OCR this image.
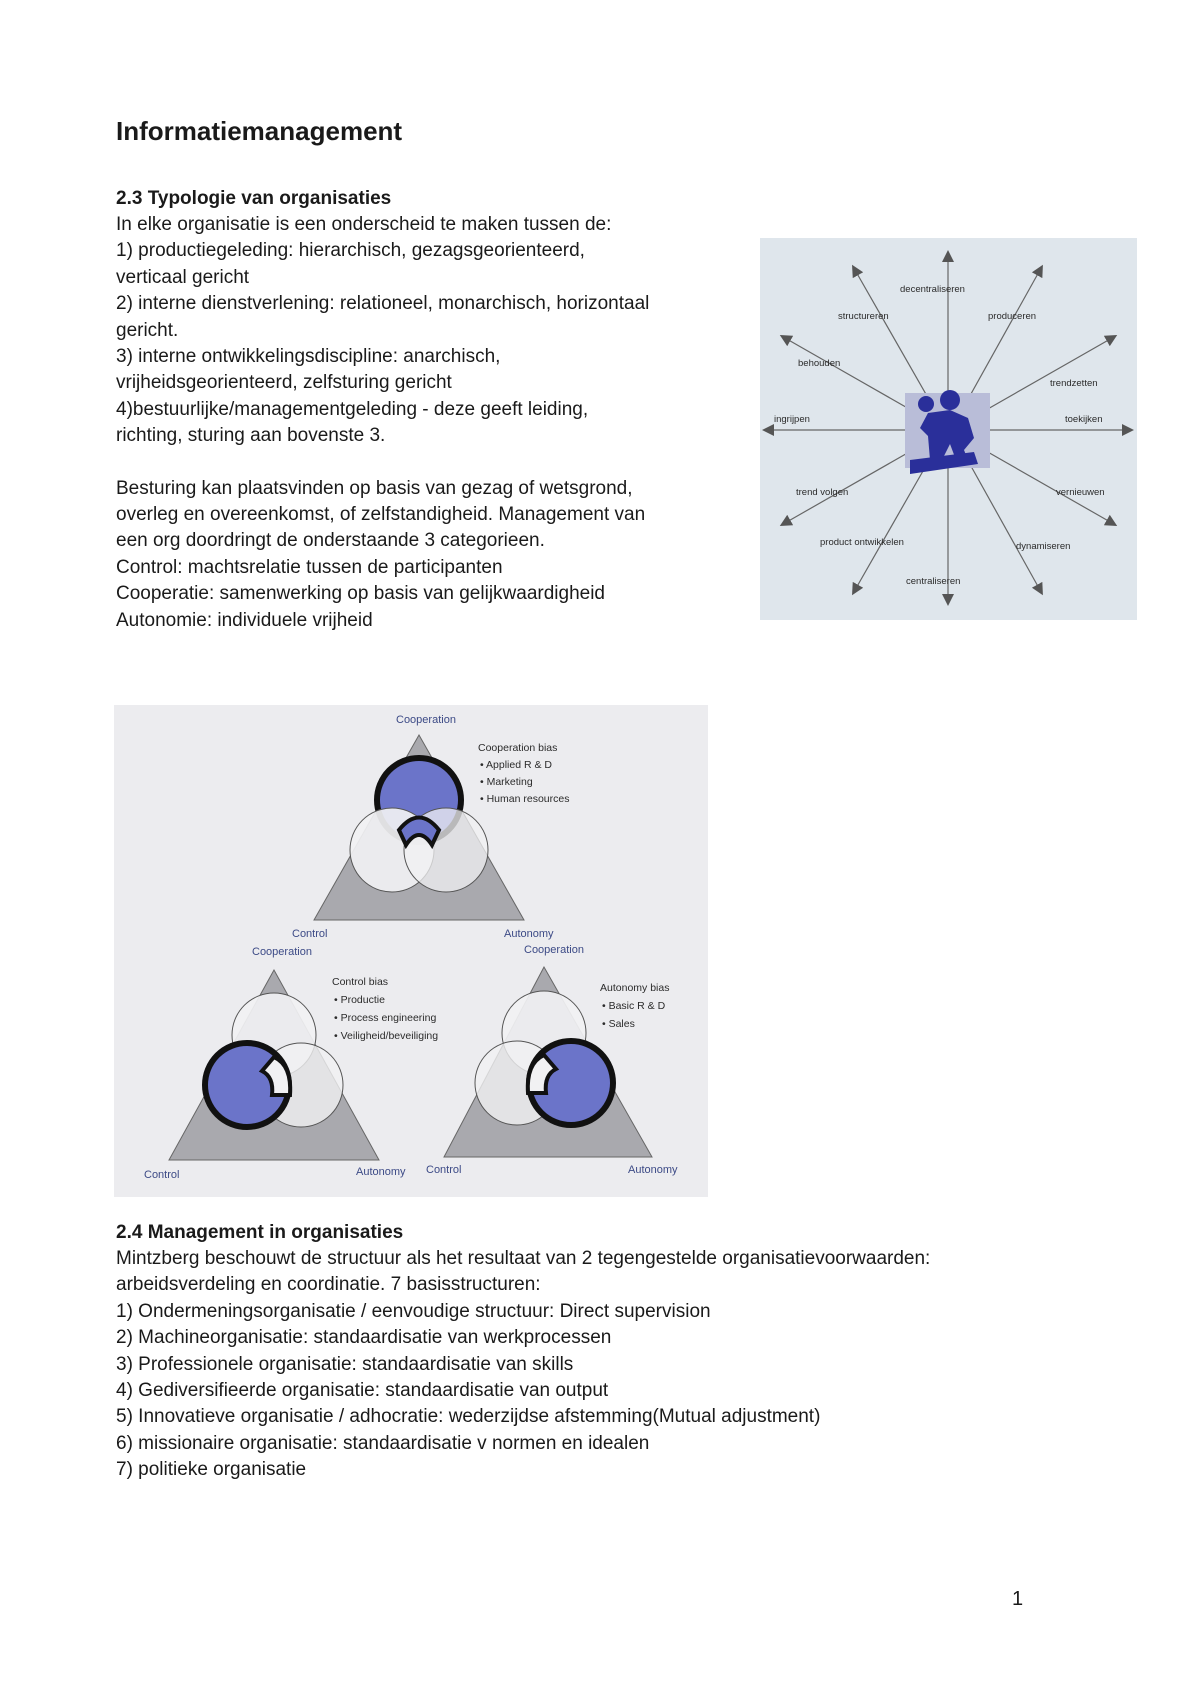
Informatiemanagement
2.3 Typologie van organisaties
In elke organisatie is een onderscheid te maken tussen de:
1) productiegeleding: hierarchisch, gezagsgeorienteerd,
verticaal gericht
2) interne dienstverlening: relationeel, monarchisch, horizontaal
gericht.
3) interne ontwikkelingsdiscipline: anarchisch,
vrijheidsgeorienteerd, zelfsturing gericht
4)bestuurlijke/managementgeleding - deze geeft leiding,
richting, sturing aan bovenste 3.
Besturing kan plaatsvinden op basis van gezag of wetsgrond,
overleg en overeenkomst, of zelfstandigheid. Management van
een org doordringt de onderstaande 3 categorieen.
Control: machtsrelatie tussen de participanten
Cooperatie: samenwerking op basis van gelijkwaardigheid
Autonomie: individuele vrijheid
decentraliseren
structureren	produceren
behouden
trendzetten
ingrijpen	toekijken
trend volgen	vernieuwen
product ontwikkelen	dynamiseren
centraliseren
Cooperation
Control	Autonomy
Cooperation bias
• Applied R & D
• Marketing
• Human resources
Cooperation
Control	Autonomy
Control bias
• Productie
• Process engineering
• Veiligheid/beveiliging
Cooperation
Control	Autonomy
Autonomy bias
• Basic R & D
• Sales
2.4 Management in organisaties
Mintzberg beschouwt de structuur als het resultaat van 2 tegengestelde organisatievoorwaarden:
arbeidsverdeling en coordinatie. 7 basisstructuren:
1) Ondermeningsorganisatie / eenvoudige structuur: Direct supervision
2) Machineorganisatie: standaardisatie van werkprocessen
3) Professionele organisatie: standaardisatie van skills
4) Gediversifieerde organisatie: standaardisatie van output
5) Innovatieve organisatie / adhocratie: wederzijdse afstemming(Mutual adjustment)
6) missionaire organisatie: standaardisatie v normen en idealen
7) politieke organisatie
1
